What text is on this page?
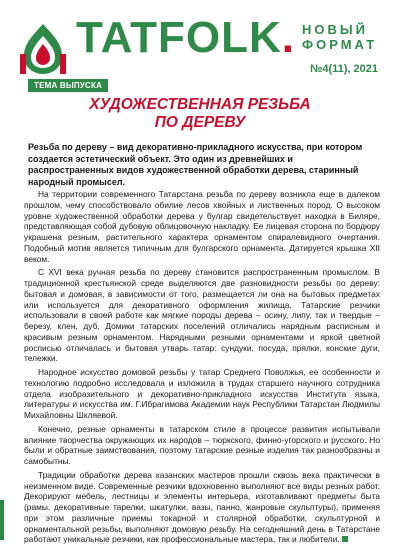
TATFOLK. НОВЫЙ
ФОРМАТ
№4(11), 2021
ТЕМА ВЫПУСКА
ХУДОЖЕСТВЕННАЯ РЕЗЬБА
ПО ДЕРЕВУ
Резьба по дереву – вид декоративно-прикладного искусства, при котором создается эстетический объект. Это один из древнейших и распространенных видов художественной обработки дерева, старинный народный промысел.

На территории современного Татарстана резьба по дереву возникла еще в далеком прошлом, чему способствовало обилие лесов хвойных и лиственных пород. О высоком уровне художественной обработки дерева у булгар свидетельствует находка в Биляре, представляющая собой дубовую облицовочную накладку. Ее лицевая сторона по бордюру украшена резным, растительного характера орнаментом спиралевидного очертания. Подобный мотив является типичным для булгарского орнамента. Датируется крышка XII веком.

С XVI века ручная резьба по дереву становится распространенным промыслом. В традиционной крестьянской среде выделяются две разновидности резьбы по дереву: бытовая и домовая, в зависимости от того, размещается ли она на бытовых предметах или используется для декоративного оформления жилища. Татарские резчики использовали в своей работе как мягкие породы дерева – осину, липу, так и твердые – березу, клен, дуб. Домики татарских поселений отличались нарядным расписным и красивым резным орнаментом. Нарядными резными орнаментами и яркой цветной росписью отличалась и бытовая утварь татар: сундуки, посуда, прялки, конские дуги, тележки.

Народное искусство домовой резьбы у татар Среднего Поволжья, ее особенности и технологию подробно исследовала и изложила в трудах старшего научного сотрудника отдела изобразительного и декоративно-прикладного искусства Института языка, литературы и искусства им. Г.Ибрагимова Академии наук Республики Татарстан Людмилы Михайловны Шкляевой.

Конечно, резные орнаменты в татарском стиле в процессе развития испытывали влияние творчества окружающих их народов – тюркского, финно-угорского и русского. Но были и обратные заимствования, поэтому татарские резные изделия так разнообразны и самобытны.

Традиции обработки дерева казанских мастеров прошли сквозь века практически в неизменном виде. Современные резчики вдохновенно выполняют все виды резных работ. Декорируют мебель, лестницы и элементы интерьера, изготавливают предметы быта (рамы, декоративные тарелки, шкатулки, вазы, панно, жанровые скульптуры), применяя при этом различные приемы токарной и столярной обработки, скульптурной и орнаментальной резьбы, выполняют домовую резьбу. На сегодняшний день в Татарстане работают уникальные резчики, как профессиональные мастера, так и любители.
